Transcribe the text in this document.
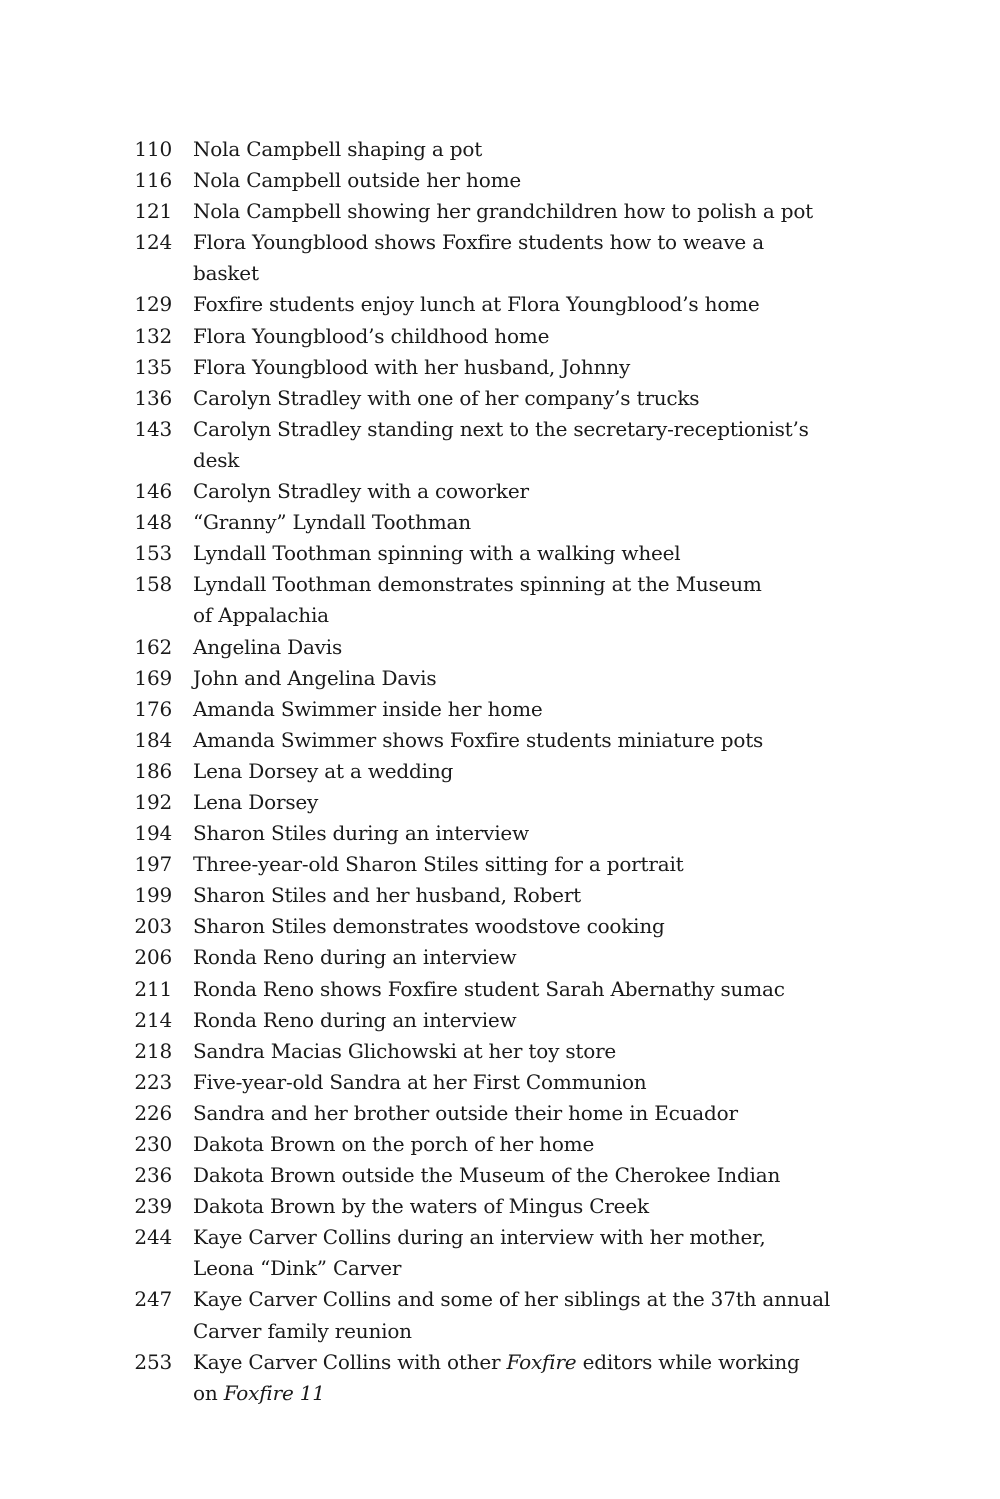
110	Nola Campbell shaping a pot
116	Nola Campbell outside her home
121	Nola Campbell showing her grandchildren how to polish a pot
124	Flora Youngblood shows Foxfire students how to weave a basket
129	Foxfire students enjoy lunch at Flora Youngblood’s home
132	Flora Youngblood’s childhood home
135	Flora Youngblood with her husband, Johnny
136	Carolyn Stradley with one of her company’s trucks
143	Carolyn Stradley standing next to the secretary-receptionist’s desk
146	Carolyn Stradley with a coworker
148	“Granny” Lyndall Toothman
153	Lyndall Toothman spinning with a walking wheel
158	Lyndall Toothman demonstrates spinning at the Museum
of Appalachia
162	Angelina Davis
169	John and Angelina Davis
176	Amanda Swimmer inside her home
184	Amanda Swimmer shows Foxfire students miniature pots
186	Lena Dorsey at a wedding
192	Lena Dorsey
194	Sharon Stiles during an interview
197	Three-year-old Sharon Stiles sitting for a portrait
199	Sharon Stiles and her husband, Robert
203	Sharon Stiles demonstrates woodstove cooking
206	Ronda Reno during an interview
211	Ronda Reno shows Foxfire student Sarah Abernathy sumac
214	Ronda Reno during an interview
218	Sandra Macias Glichowski at her toy store
223	Five-year-old Sandra at her First Communion
226	Sandra and her brother outside their home in Ecuador
230	Dakota Brown on the porch of her home
236	Dakota Brown outside the Museum of the Cherokee Indian
239	Dakota Brown by the waters of Mingus Creek
244	Kaye Carver Collins during an interview with her mother,
Leona “Dink” Carver
247	Kaye Carver Collins and some of her siblings at the 37th annual
Carver family reunion
253	Kaye Carver Collins with other Foxfire editors while working
on Foxfire 11
